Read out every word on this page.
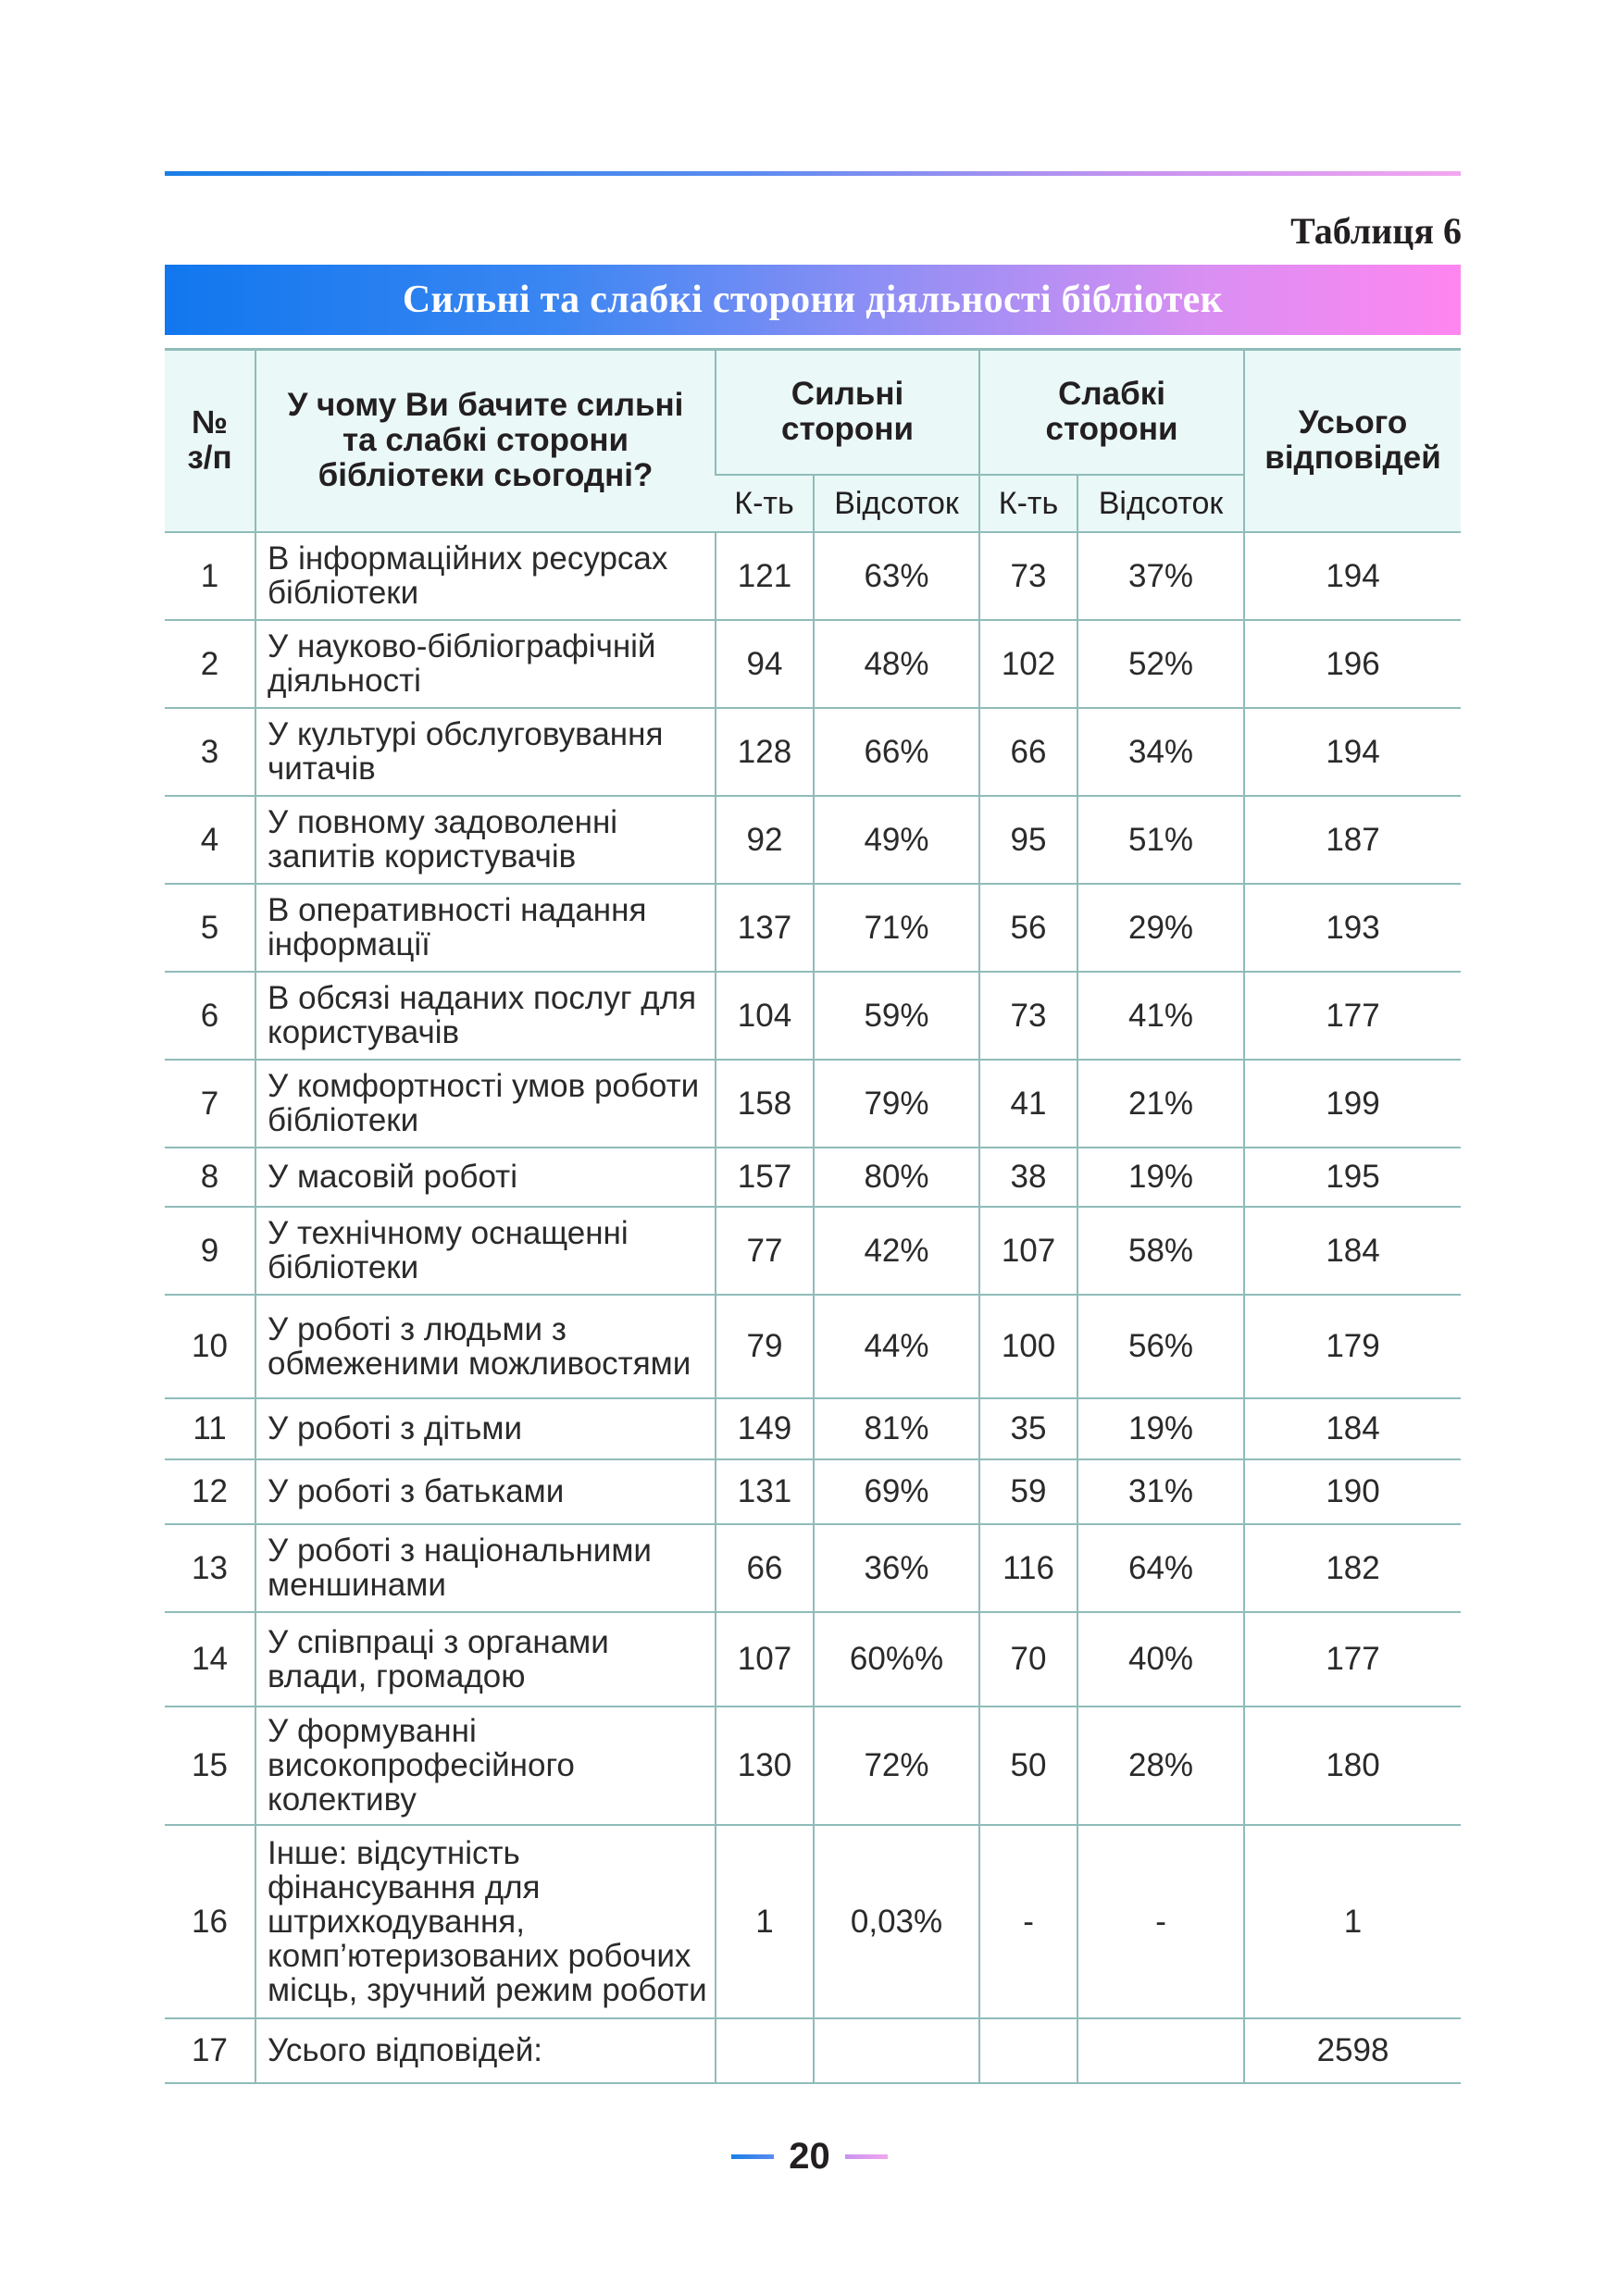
Таблиця 6
Сильні та слабкі сторони діяльності бібліотек
№ з/п	У чому Ви бачите сильні та слабкі сторони бібліотеки сьогодні?	Сильні сторони		Слабкі сторони		Усього відповідей
		К-ть	Відсоток	К-ть	Відсоток	
1	В інформаційних ресурсах бібліотеки	121	63%	73	37%	194
2	У науково-бібліографічній діяльності	94	48%	102	52%	196
3	У культурі обслуговування читачів	128	66%	66	34%	194
4	У повному задоволенні запитів користувачів	92	49%	95	51%	187
5	В оперативності надання інформації	137	71%	56	29%	193
6	В обсязі наданих послуг для користувачів	104	59%	73	41%	177
7	У комфортності умов роботи бібліотеки	158	79%	41	21%	199
8	У масовій роботі	157	80%	38	19%	195
9	У технічному оснащенні бібліотеки	77	42%	107	58%	184
10	У роботі з людьми з обмеженими можливостями	79	44%	100	56%	179
11	У роботі з дітьми	149	81%	35	19%	184
12	У роботі з батьками	131	69%	59	31%	190
13	У роботі з національними меншинами	66	36%	116	64%	182
14	У співпраці з органами влади, громадою	107	60%%	70	40%	177
15	У формуванні високопрофесійного колективу	130	72%	50	28%	180
16	Інше: відсутність фінансування для штрихкодування, комп’ютеризованих робочих місць, зручний режим роботи	1	0,03%	-	-	1
17	Усього відповідей:					2598
20
